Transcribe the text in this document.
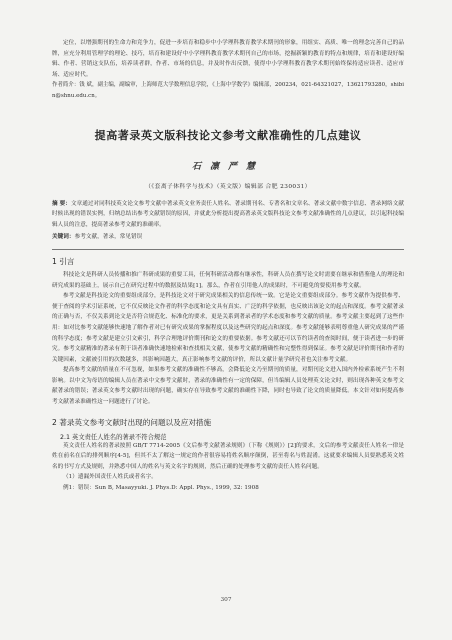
定位，以增强期刊的生命力和竞争力，促进一步培育和稳步中小学理科教育教学术期刊的形象，用组实、高质、唯一的理念完善自己的品牌，应充分利用管理学的理论、技巧，培育和建设好中小学理科教育教学术期刊自己的市场，挖掘新颖的教育的特点和规律，培育和建设好编辑、作者、营销这支队伍，培养读者群，作者、市场的信息，并及时作出反馈，使得中小学理科教育教学术期刊始终保持适应读者、适应市场、适应时代。

作者简介：钱 斌，副主编，副编审，上海师范大学数理信息学院，《上海中学数学》编辑部，200234，021-64321027，13621793280，shibin@shnu.edu.cn。

提高著录英文版科技论文参考文献准确性的几点建议

石凛严慧

（《套离子体科学与技术》（英文版）编辑部 合肥 230031）

摘 要：文章通过对同科技英文论文参考文献中著录英文业务责任人姓名、著录期刊名、专著名和文章名、著录文献中数字信息、著录网络文献时候出现的错误实例，归纳总结出参考文献错误的原因，并就此分析提出提高著录英文版科技论文参考文献准确性的几点建议，以引起科技编辑人员的注意，提高著录参考文献的准确率。

关键词：参考文献，著录，常见错误

1 引言

科技论文是科研人员传播和推广科研成果的重要工具，任何科研活动都有继承性，科研人员在撰写论文时需要在继承和借鉴他人的理论和研究成果的基础上，展示自己在研究过程中的数据及结果[1]。那么，作者在引用他人的成果时，不可避免的要使用参考文献。

参考文献是科技论文的重要组成部分，是科技论文对于研究成果相关的信息传统一致。它是论文重要组成部分。参考文献作为提供参考、便于查阅的学术引证系统，它不仅反映论文作者的科学态度和论文具有真实、广泛的科学依据，也反映出该论文的起点和深度。参考文献著录的正确与否，不仅关系到论文是否符合规范化、标准化的要求，更是关系到著录者的学术态度和参考文献的质量。参考文献主要起到了这些作用：如对比参考文献能够快速地了解作者对已有研究成果的掌握程度以及这些研究的起点和深度。参考文献能够表明尊重他人研究成果的严谨的科学态度；参考文献是建立引文索引，科学合理地评价期刊和论文的重要依据。参考文献还可以节约读者的查阅时间，便于读者进一步的研究。参考文献精准的著录有利于读者准确快速地检索和查找相关文献，使参考文献的精确性和完整性得到保证。参考文献是评价期刊和作者的关键因素，文献被引用的次数越多，其影响因越大，真正影响参考文献的评价，所以文献计量学研究者也关注参考文献。

提高参考文献的质量在不可忽视，如果参考文献的准确性不够高，会降低论文乃至期刊的质量，对期刊论文进入国内外检索系统产生不利影响。以中文为母语的编辑人员在著录中文参考文献时，著录的准确性有一定的保障，但当编辑人员处理英文论文时，则出现各种英文参考文献著录的错误；著录英文参考文献时出现的问题，确实存在导致参考文献的准确性下降，同时也导致了论文的质量降低。本文针对如何提高参考文献著录准确性这一问题进行了讨论。

2 著录英文参考文献时出现的问题以及应对措施
2.1 英文责任人姓名的著录不符合规范

英文责任人姓名的著录按照 GB/T 7714-2005《文后参考文献著录规则》（下称《规则》）[2]的要求，文后的参考文献责任人姓名一律是姓在前名在后的排列顺序[4-5]，但其不太了解这一规定的作者很容易将姓名顺序颠倒，甚至将名与姓混淆。这就要求编辑人员要熟悉英文姓名的书写方式及规则，并熟悉中国人的姓名与英文名字的规则，然后正确的处理参考文献的责任人姓名问题。

（1）遗漏外国责任人姓氏或者名字。

例1：错误：Sun B, Masayyuki. J. Phys.D: Appl. Phys., 1999, 32: 1908

307
